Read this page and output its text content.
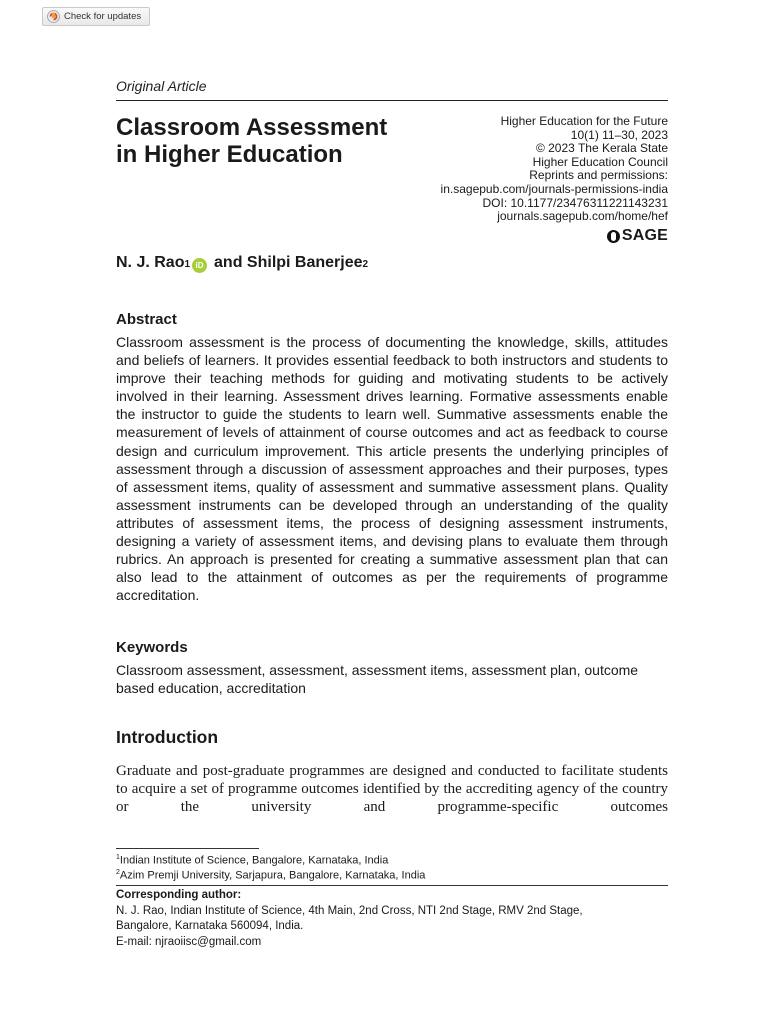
Check for updates
Original Article
Classroom Assessment
in Higher Education
Higher Education for the Future
10(1) 11–30, 2023
© 2023 The Kerala State
Higher Education Council
Reprints and permissions:
in.sagepub.com/journals-permissions-india
DOI: 10.1177/23476311221143231
journals.sagepub.com/home/hef
SAGE
N. J. Rao 1 iD and Shilpi Banerjee 2
Abstract
Classroom assessment is the process of documenting the knowledge, skills, attitudes and beliefs of learners. It provides essential feedback to both instructors and students to improve their teaching methods for guiding and motivating students to be actively involved in their learning. Assessment drives learning. Formative assessments enable the instructor to guide the students to learn well. Summative assessments enable the measurement of levels of attainment of course outcomes and act as feedback to course design and curriculum improvement. This article presents the underlying principles of assessment through a discussion of assessment approaches and their purposes, types of assessment items, quality of assessment and summative assessment plans. Quality assessment instruments can be developed through an understanding of the quality attributes of assessment items, the process of designing assessment instruments, designing a variety of assessment items, and devising plans to evaluate them through rubrics. An approach is presented for creating a summative assessment plan that can also lead to the attainment of outcomes as per the requirements of programme accreditation.
Keywords
Classroom assessment, assessment, assessment items, assessment plan, outcome based education, accreditation
Introduction
Graduate and post-graduate programmes are designed and conducted to facilitate students to acquire a set of programme outcomes identified by the accrediting agency of the country or the university and programme-specific outcomes
$^1$Indian Institute of Science, Bangalore, Karnataka, India
$^2$Azim Premji University, Sarjapura, Bangalore, Karnataka, India
Corresponding author:
N. J. Rao, Indian Institute of Science, 4th Main, 2nd Cross, NTI 2nd Stage, RMV 2nd Stage,
Bangalore, Karnataka 560094, India.
E-mail: njraoiisc@gmail.com
